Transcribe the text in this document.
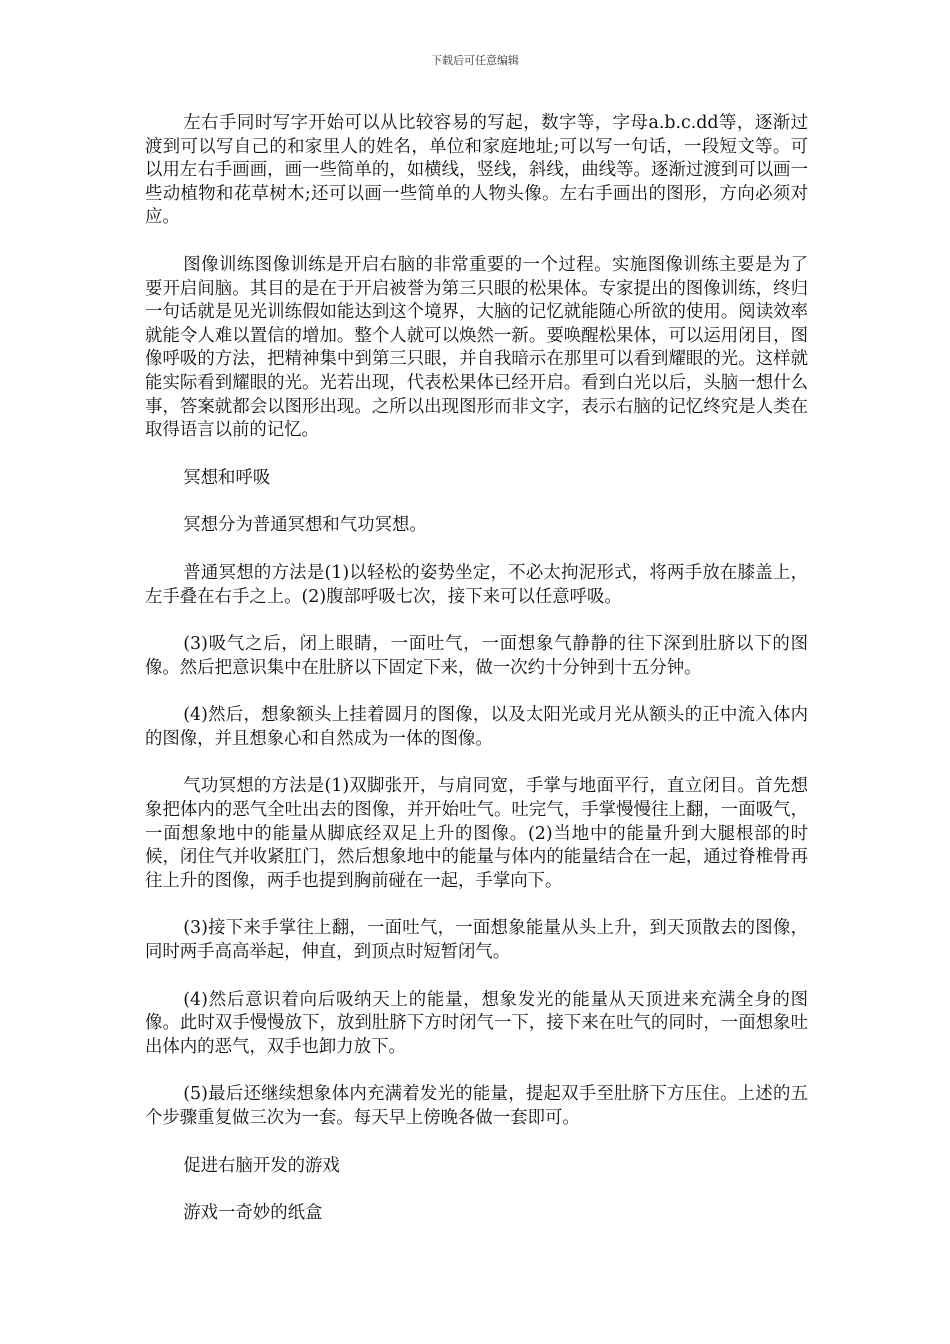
下载后可任意编辑

左右手同时写字开始可以从比较容易的写起，数字等，字母a.b.c.dd等，逐渐过渡到可以写自己的和家里人的姓名，单位和家庭地址;可以写一句话，一段短文等。可以用左右手画画，画一些简单的，如横线，竖线，斜线，曲线等。逐渐过渡到可以画一些动植物和花草树木;还可以画一些简单的人物头像。左右手画出的图形，方向必须对应。

图像训练图像训练是开启右脑的非常重要的一个过程。实施图像训练主要是为了要开启间脑。其目的是在于开启被誉为第三只眼的松果体。专家提出的图像训练，终归一句话就是见光训练假如能达到这个境界，大脑的记忆就能随心所欲的使用。阅读效率就能令人难以置信的增加。整个人就可以焕然一新。要唤醒松果体，可以运用闭目，图像呼吸的方法，把精神集中到第三只眼，并自我暗示在那里可以看到耀眼的光。这样就能实际看到耀眼的光。光若出现，代表松果体已经开启。看到白光以后，头脑一想什么事，答案就都会以图形出现。之所以出现图形而非文字，表示右脑的记忆终究是人类在取得语言以前的记忆。

冥想和呼吸

冥想分为普通冥想和气功冥想。

普通冥想的方法是(1)以轻松的姿势坐定，不必太拘泥形式，将两手放在膝盖上，左手叠在右手之上。(2)腹部呼吸七次，接下来可以任意呼吸。

(3)吸气之后，闭上眼睛，一面吐气，一面想象气静静的往下深到肚脐以下的图像。然后把意识集中在肚脐以下固定下来，做一次约十分钟到十五分钟。

(4)然后，想象额头上挂着圆月的图像，以及太阳光或月光从额头的正中流入体内的图像，并且想象心和自然成为一体的图像。

气功冥想的方法是(1)双脚张开，与肩同宽，手掌与地面平行，直立闭目。首先想象把体内的恶气全吐出去的图像，并开始吐气。吐完气，手掌慢慢往上翻，一面吸气，一面想象地中的能量从脚底经双足上升的图像。(2)当地中的能量升到大腿根部的时候，闭住气并收紧肛门，然后想象地中的能量与体内的能量结合在一起，通过脊椎骨再往上升的图像，两手也提到胸前碰在一起，手掌向下。

(3)接下来手掌往上翻，一面吐气，一面想象能量从头上升，到天顶散去的图像，同时两手高高举起，伸直，到顶点时短暂闭气。

(4)然后意识着向后吸纳天上的能量，想象发光的能量从天顶进来充满全身的图像。此时双手慢慢放下，放到肚脐下方时闭气一下，接下来在吐气的同时，一面想象吐出体内的恶气，双手也卸力放下。

(5)最后还继续想象体内充满着发光的能量，提起双手至肚脐下方压住。上述的五个步骤重复做三次为一套。每天早上傍晚各做一套即可。

促进右脑开发的游戏

游戏一奇妙的纸盒
